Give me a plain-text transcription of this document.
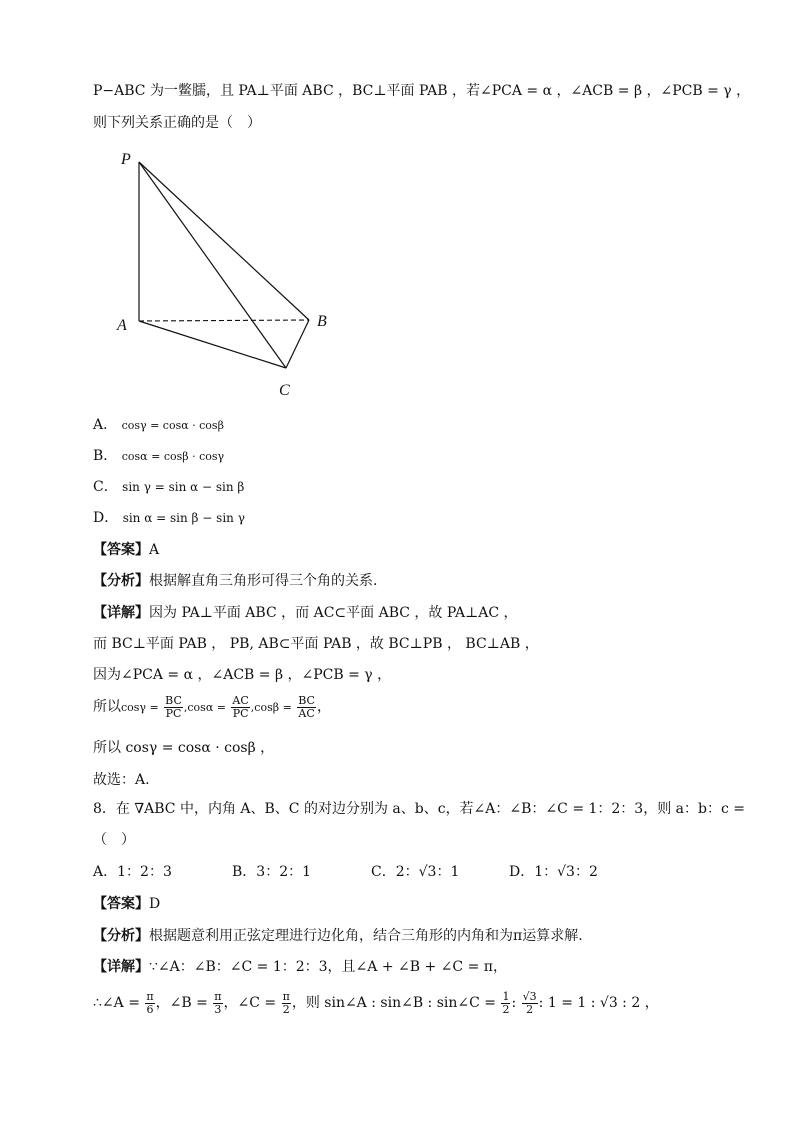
P−ABC 为一鳖臑，且 PA⊥平面 ABC ，BC⊥平面 PAB ，若∠PCA = α ，∠ACB = β ，∠PCB = γ ，
则下列关系正确的是（　）
P
A	B
C
A． cosγ = cosα · cosβ
B． cosα = cosβ · cosγ
C． sin γ = sin α − sin β
D． sin α = sin β − sin γ
【答案】A
【分析】根据解直角三角形可得三个角的关系.
【详解】因为 PA⊥平面 ABC ，而 AC⊂平面 ABC ，故 PA⊥AC ，
而 BC⊥平面 PAB ， PB, AB⊂平面 PAB ，故 BC⊥PB ， BC⊥AB ，
因为∠PCA = α ，∠ACB = β ，∠PCB = γ ，
所以$\cos\gamma = \frac{BC}{PC} ,\cos\alpha = \frac{AC}{PC} ,\cos\beta = \frac{BC}{AC}$ ，
所以 cosγ = cosα · cosβ ，
故选：A.
8．在 ∇ABC 中，内角 A、B、C 的对边分别为 a、b、c，若∠A：∠B：∠C = 1：2：3，则 a：b：c =
（　）
A．1：2：3	B．3：2：1	C．2：√3：1	D．1：√3：2
【答案】D
【分析】根据题意利用正弦定理进行边化角，结合三角形的内角和为π运算求解.
【详解】∵∠A：∠B：∠C = 1：2：3，且∠A + ∠B + ∠C = π，
∴∠A = $\frac{\pi}{6}$ ，∠B = $\frac{\pi}{3}$ ，∠C = $\frac{\pi}{2}$ ，则 sin∠A : sin∠B : sin∠C = $\frac{1}{2}$ : $\frac{√3}{2}$ : 1 = 1 : √3 : 2 ，
